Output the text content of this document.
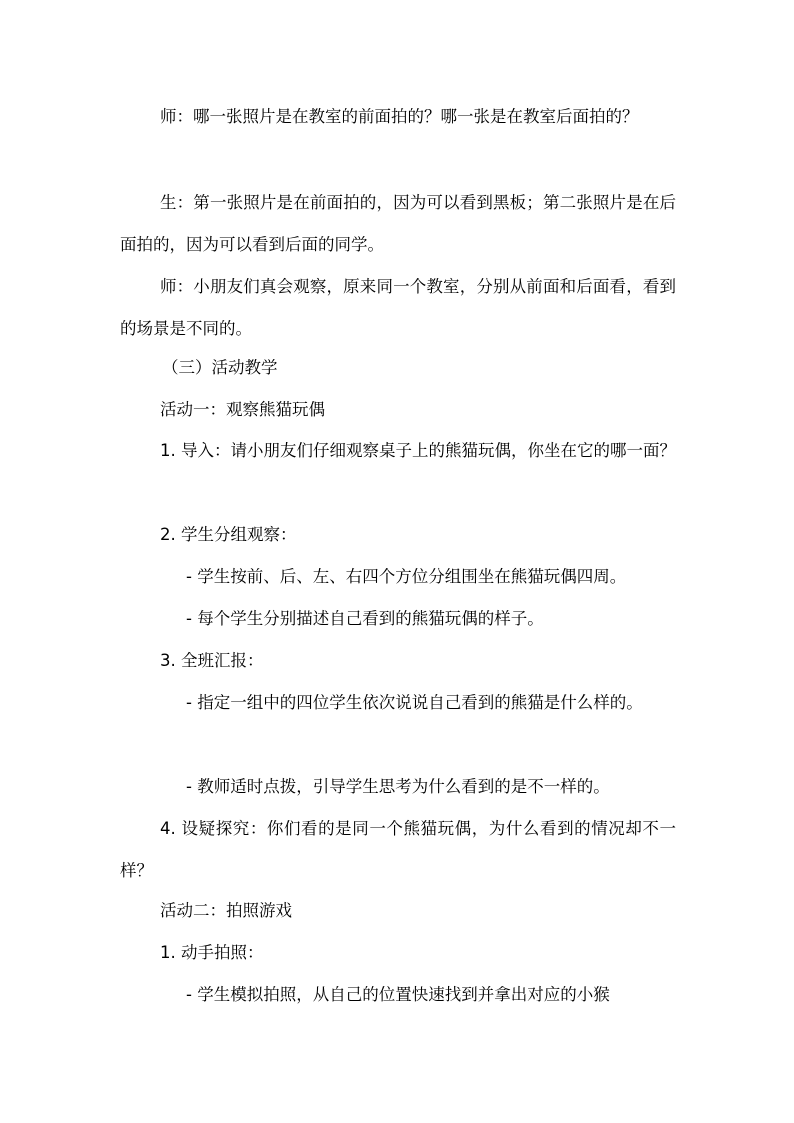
师：哪一张照片是在教室的前面拍的？哪一张是在教室后面拍的？

生：第一张照片是在前面拍的，因为可以看到黑板；第二张照片是在后面拍的，因为可以看到后面的同学。

师：小朋友们真会观察，原来同一个教室，分别从前面和后面看，看到的场景是不同的。

（三）活动教学

活动一：观察熊猫玩偶

1. 导入：请小朋友们仔细观察桌子上的熊猫玩偶，你坐在它的哪一面？

2. 学生分组观察：

- 学生按前、后、左、右四个方位分组围坐在熊猫玩偶四周。

- 每个学生分别描述自己看到的熊猫玩偶的样子。

3. 全班汇报：

- 指定一组中的四位学生依次说说自己看到的熊猫是什么样的。

- 教师适时点拨，引导学生思考为什么看到的是不一样的。

4. 设疑探究：你们看的是同一个熊猫玩偶，为什么看到的情况却不一样？

活动二：拍照游戏

1. 动手拍照：

- 学生模拟拍照，从自己的位置快速找到并拿出对应的小猴
